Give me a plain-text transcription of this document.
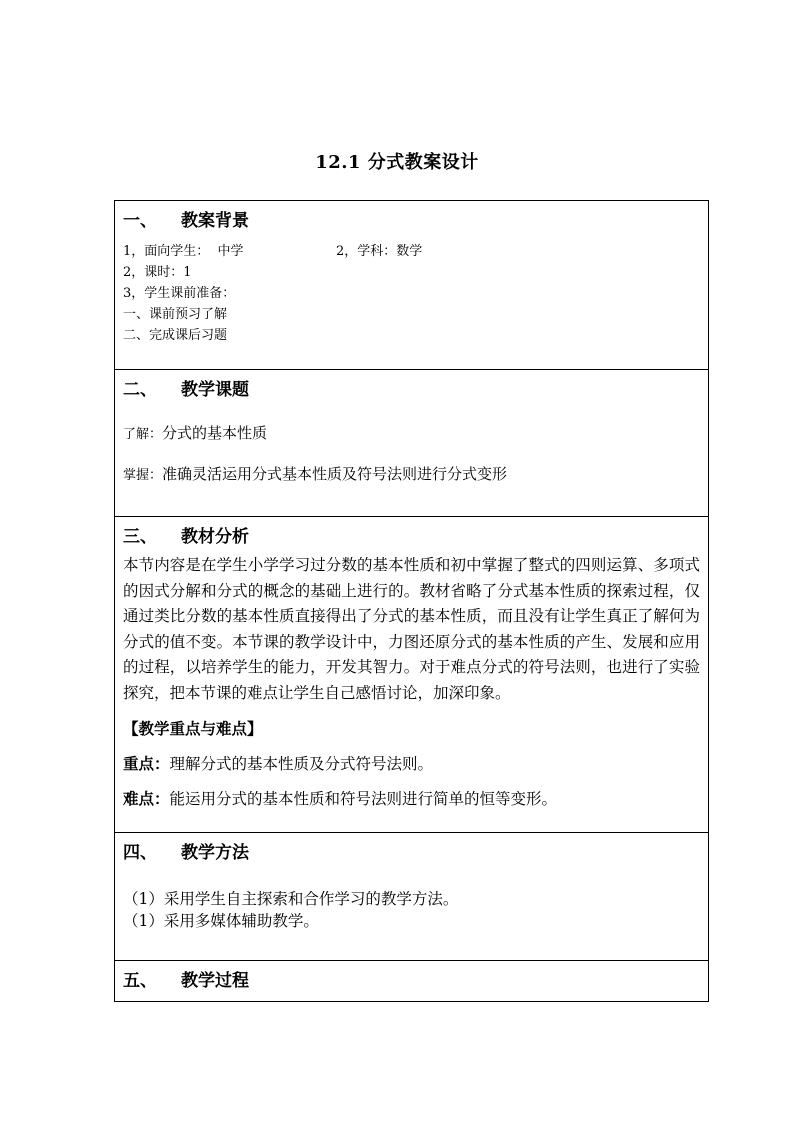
12.1 分式教案设计
一、 教案背景
1，面向学生： 中学	2，学科：数学
2，课时：1
3，学生课前准备：
一、课前预习了解
二、完成课后习题
二、 教学课题
了解：分式的基本性质
掌握：准确灵活运用分式基本性质及符号法则进行分式变形
三、 教材分析
本节内容是在学生小学学习过分数的基本性质和初中掌握了整式的四则运算、多项式的因式分解和分式的概念的基础上进行的。教材省略了分式基本性质的探索过程，仅通过类比分数的基本性质直接得出了分式的基本性质，而且没有让学生真正了解何为分式的值不变。本节课的教学设计中，力图还原分式的基本性质的产生、发展和应用的过程，以培养学生的能力，开发其智力。对于难点分式的符号法则，也进行了实验探究，把本节课的难点让学生自己感悟讨论，加深印象。
【教学重点与难点】
重点：理解分式的基本性质及分式符号法则。
难点：能运用分式的基本性质和符号法则进行简单的恒等变形。
四、 教学方法
（1）采用学生自主探索和合作学习的教学方法。
（1）采用多媒体辅助教学。
五、 教学过程
